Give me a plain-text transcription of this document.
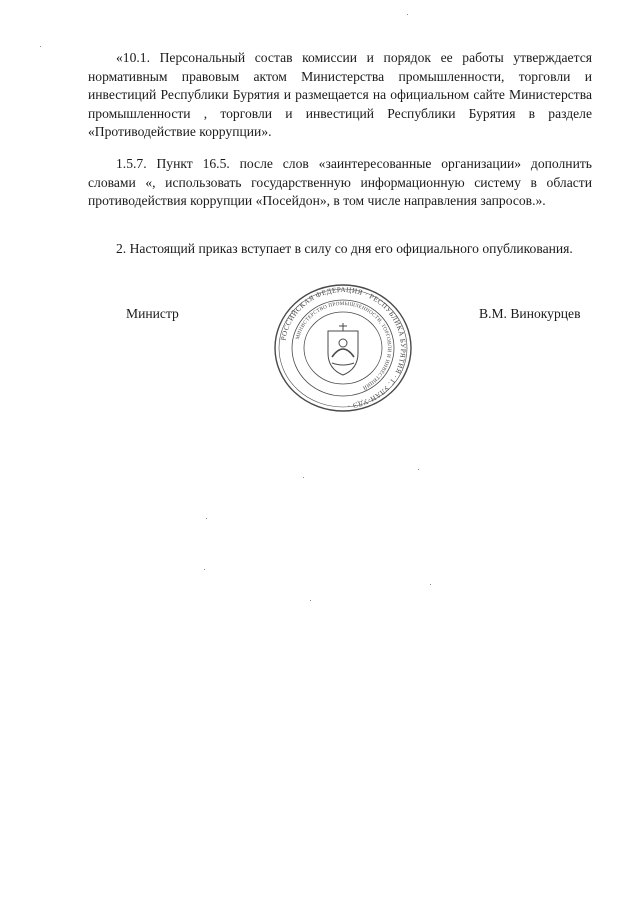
«10.1. Персональный состав комиссии и порядок ее работы утверждается нормативным правовым актом Министерства промышленности, торговли и инвестиций Республики Бурятия и размещается на официальном сайте Министерства промышленности , торговли и инвестиций Республики Бурятия в разделе «Противодействие коррупции».

1.5.7. Пункт 16.5. после слов «заинтересованные организации» дополнить словами «, использовать государственную информационную систему в области противодействия коррупции «Посейдон», в том числе направления запросов.».

2. Настоящий приказ вступает в силу со дня его официального опубликования.

Министр	В.М. Винокурцев
РОССИЙСКАЯ ФЕДЕРАЦИЯ · РЕСПУБЛИКА БУРЯТИЯ · Г. УЛАН-УДЭ ·
МИНИСТЕРСТВО ПРОМЫШЛЕННОСТИ, ТОРГОВЛИ И ИНВЕСТИЦИЙ
